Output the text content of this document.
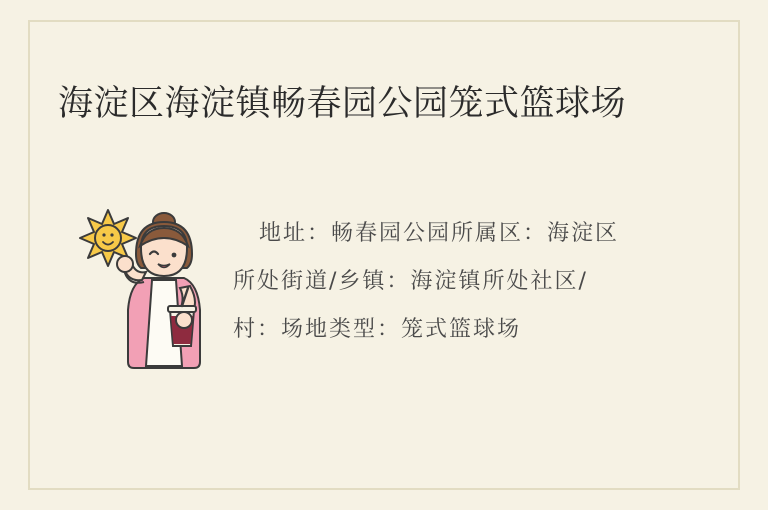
海淀区海淀镇畅春园公园笼式篮球场
地址：畅春园公园所属区：海淀区所处街道/乡镇：海淀镇所处社区/村：场地类型：笼式篮球场
